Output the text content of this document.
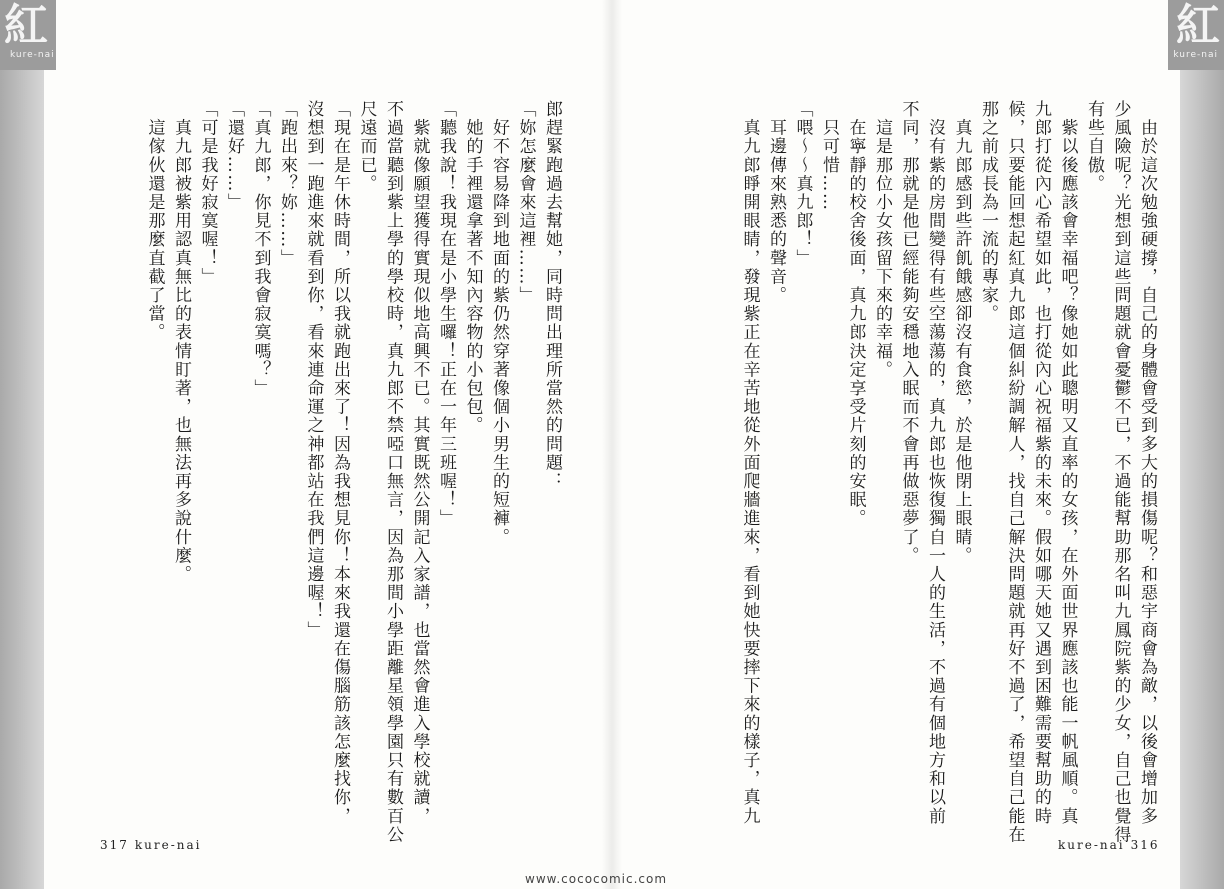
紅
kure-nai
紅
kure-nai
　由於這次勉強硬撐，自己的身體會受到多大的損傷呢？和惡宇商會為敵，以後會增加多
少風險呢？光想到這些問題就會憂鬱不已，不過能幫助那名叫九鳳院紫的少女，自己也覺得
有些自傲。
　紫以後應該會幸福吧？像她如此聰明又直率的女孩，在外面世界應該也能一帆風順。真
九郎打從內心希望如此，也打從內心祝福紫的未來。假如哪天她又遇到困難需要幫助的時
候，只要能回想起紅真九郎這個糾紛調解人，找自己解決問題就再好不過了，希望自己能在
那之前成長為一流的專家。
　真九郎感到些許飢餓感卻沒有食慾，於是他閉上眼睛。
　沒有紫的房間變得有些空蕩蕩的，真九郎也恢復獨自一人的生活，不過有個地方和以前
不同，那就是他已經能夠安穩地入眠而不會再做惡夢了。
　這是那位小女孩留下來的幸福。
　在寧靜的校舍後面，真九郎決定享受片刻的安眠。
　只可惜……
「喂～～真九郎！」
　耳邊傳來熟悉的聲音。
　真九郎睜開眼睛，發現紫正在辛苦地從外面爬牆進來，看到她快要摔下來的樣子，真九
郎趕緊跑過去幫她，同時問出理所當然的問題：
「妳怎麼會來這裡……」
　好不容易降到地面的紫仍然穿著像個小男生的短褲。
　她的手裡還拿著不知內容物的小包包。
「聽我說！我現在是小學生囉！正在一年三班喔！」
　紫就像願望獲得實現似地高興不已。其實既然公開記入家譜，也當然會進入學校就讀，
不過當聽到紫上學的學校時，真九郎不禁啞口無言，因為那間小學距離星領學園只有數百公
尺遠而已。
「現在是午休時間，所以我就跑出來了！因為我想見你！本來我還在傷腦筋該怎麼找你，
沒想到一跑進來就看到你，看來連命運之神都站在我們這邊喔！」
「跑出來？妳……」
「真九郎，你見不到我會寂寞嗎？」
「還好……」
「可是我好寂寞喔！」
　真九郎被紫用認真無比的表情盯著，也無法再多說什麼。
　這傢伙還是那麼直截了當。
317 kure-nai	kure-nai 316
www.cococomic.com
